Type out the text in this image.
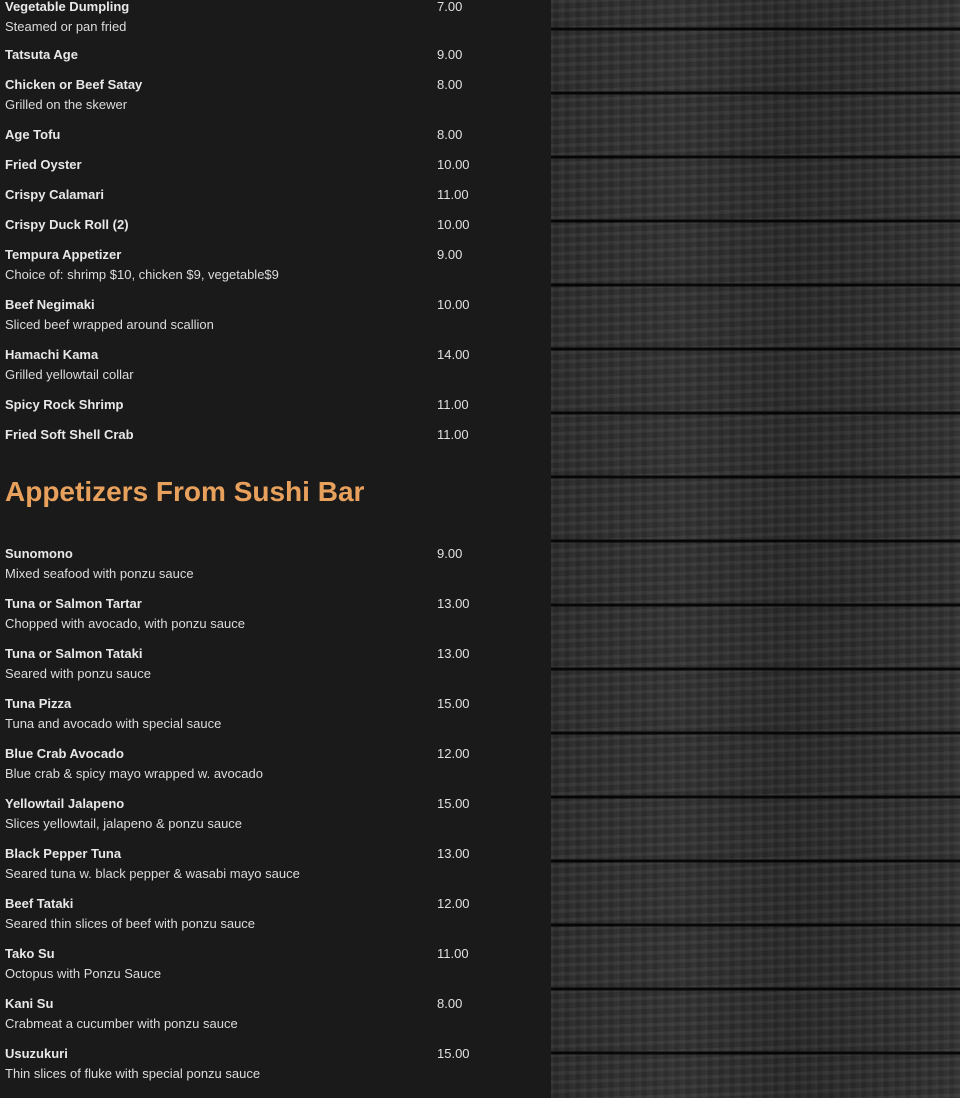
Vegetable Dumpling	7.00
Steamed or pan fried
Tatsuta Age	9.00
Chicken or Beef Satay	8.00
Grilled on the skewer
Age Tofu	8.00
Fried Oyster	10.00
Crispy Calamari	11.00
Crispy Duck Roll (2)	10.00
Tempura Appetizer	9.00
Choice of: shrimp $10, chicken $9, vegetable$9
Beef Negimaki	10.00
Sliced beef wrapped around scallion
Hamachi Kama	14.00
Grilled yellowtail collar
Spicy Rock Shrimp	11.00
Fried Soft Shell Crab	11.00
Appetizers From Sushi Bar
Sunomono	9.00
Mixed seafood with ponzu sauce
Tuna or Salmon Tartar	13.00
Chopped with avocado, with ponzu sauce
Tuna or Salmon Tataki	13.00
Seared with ponzu sauce
Tuna Pizza	15.00
Tuna and avocado with special sauce
Blue Crab Avocado	12.00
Blue crab & spicy mayo wrapped w. avocado
Yellowtail Jalapeno	15.00
Slices yellowtail, jalapeno & ponzu sauce
Black Pepper Tuna	13.00
Seared tuna w. black pepper & wasabi mayo sauce
Beef Tataki	12.00
Seared thin slices of beef with ponzu sauce
Tako Su	11.00
Octopus with Ponzu Sauce
Kani Su	8.00
Crabmeat a cucumber with ponzu sauce
Usuzukuri	15.00
Thin slices of fluke with special ponzu sauce
